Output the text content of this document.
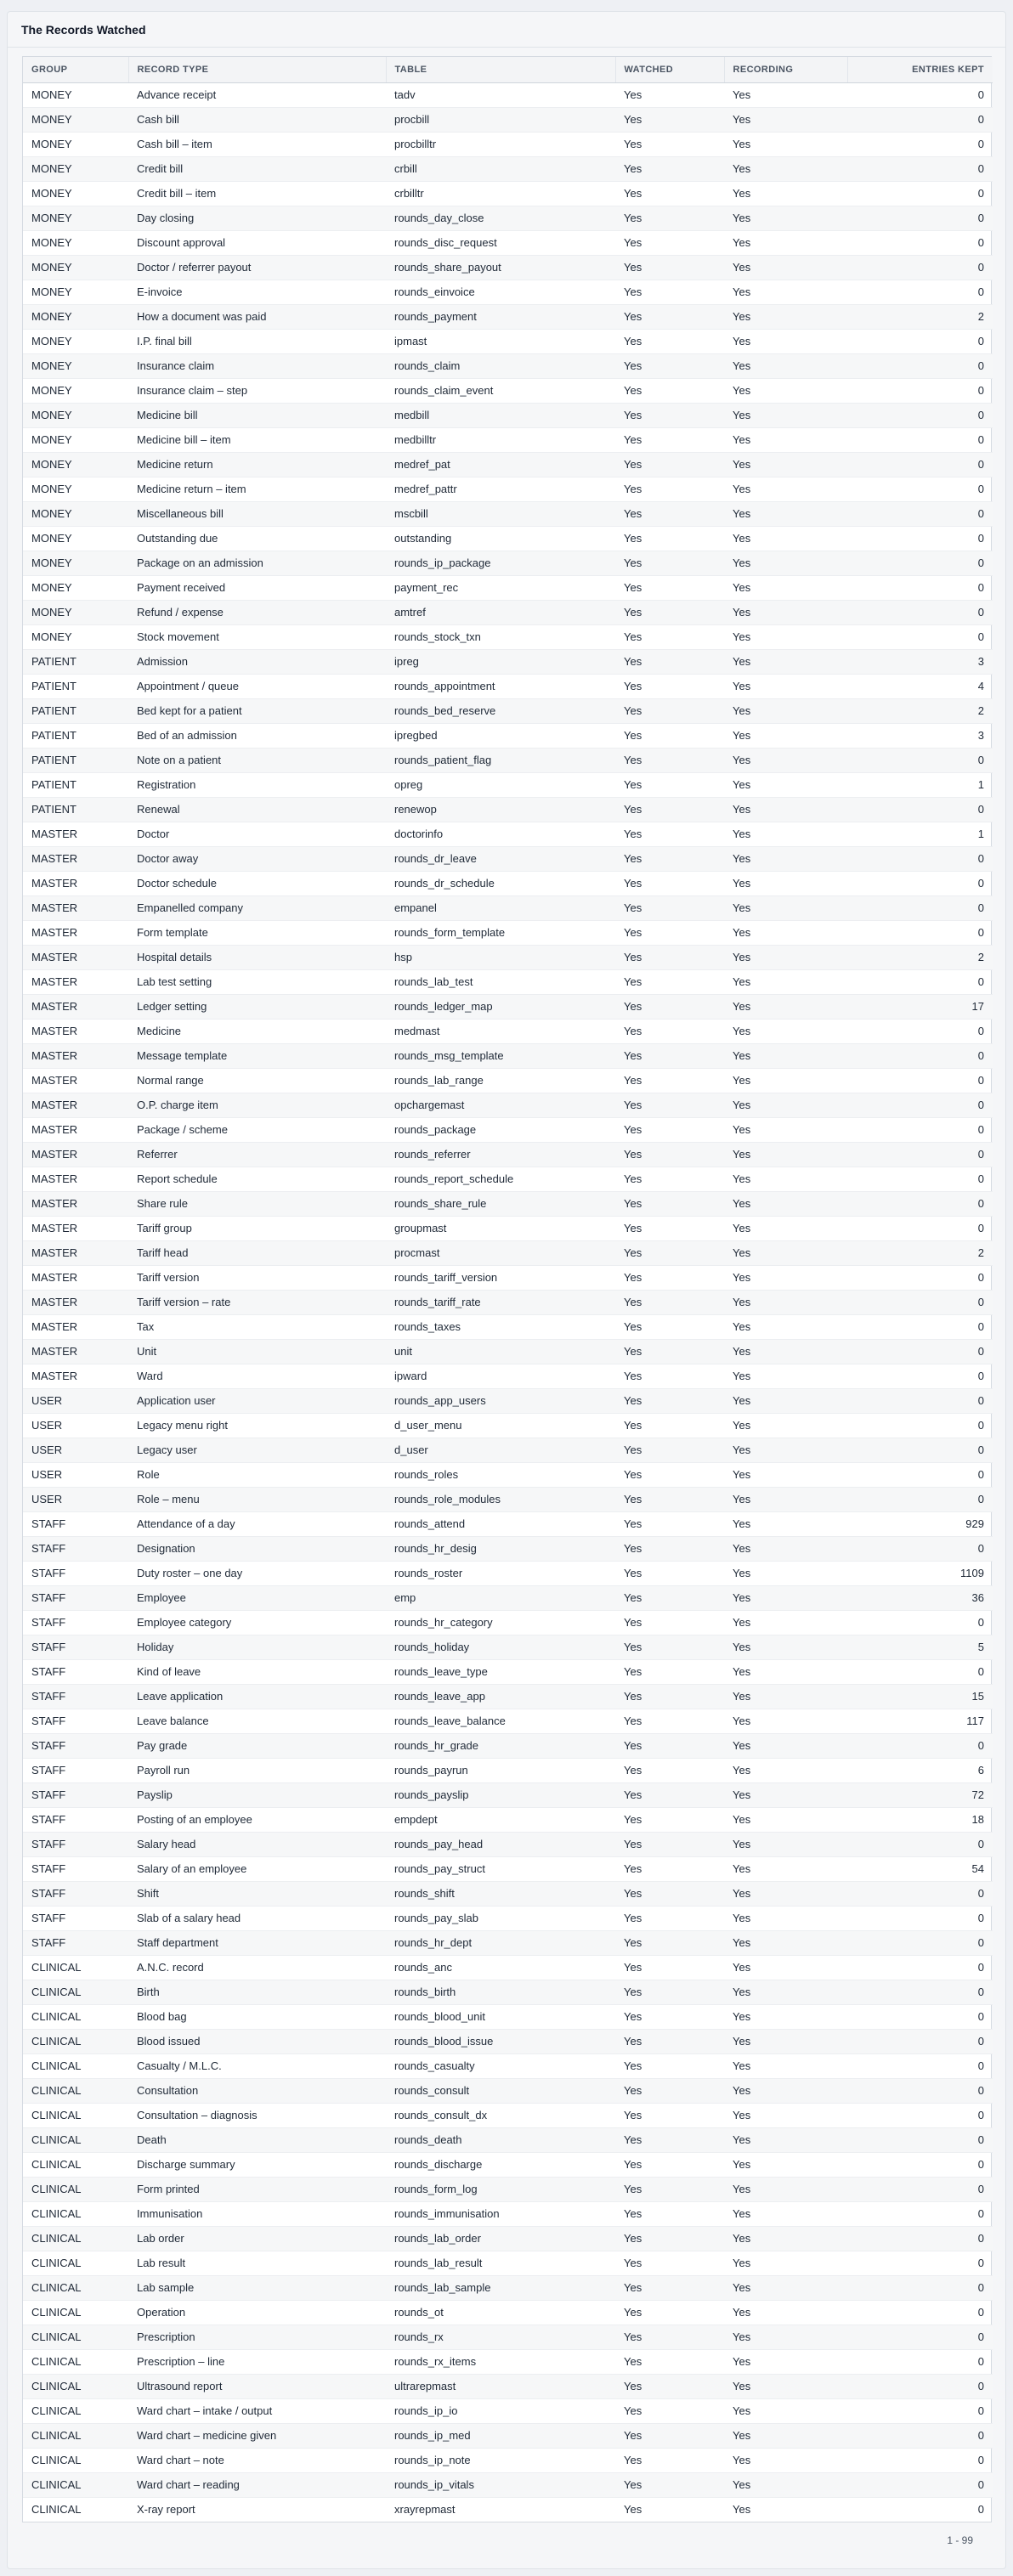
The Records Watched
GROUP	RECORD TYPE	TABLE	WATCHED	RECORDING	ENTRIES KEPT
MONEY	Advance receipt	tadv	Yes	Yes	0
MONEY	Cash bill	procbill	Yes	Yes	0
MONEY	Cash bill – item	procbilltr	Yes	Yes	0
MONEY	Credit bill	crbill	Yes	Yes	0
MONEY	Credit bill – item	crbilltr	Yes	Yes	0
MONEY	Day closing	rounds_day_close	Yes	Yes	0
MONEY	Discount approval	rounds_disc_request	Yes	Yes	0
MONEY	Doctor / referrer payout	rounds_share_payout	Yes	Yes	0
MONEY	E-invoice	rounds_einvoice	Yes	Yes	0
MONEY	How a document was paid	rounds_payment	Yes	Yes	2
MONEY	I.P. final bill	ipmast	Yes	Yes	0
MONEY	Insurance claim	rounds_claim	Yes	Yes	0
MONEY	Insurance claim – step	rounds_claim_event	Yes	Yes	0
MONEY	Medicine bill	medbill	Yes	Yes	0
MONEY	Medicine bill – item	medbilltr	Yes	Yes	0
MONEY	Medicine return	medref_pat	Yes	Yes	0
MONEY	Medicine return – item	medref_pattr	Yes	Yes	0
MONEY	Miscellaneous bill	mscbill	Yes	Yes	0
MONEY	Outstanding due	outstanding	Yes	Yes	0
MONEY	Package on an admission	rounds_ip_package	Yes	Yes	0
MONEY	Payment received	payment_rec	Yes	Yes	0
MONEY	Refund / expense	amtref	Yes	Yes	0
MONEY	Stock movement	rounds_stock_txn	Yes	Yes	0
PATIENT	Admission	ipreg	Yes	Yes	3
PATIENT	Appointment / queue	rounds_appointment	Yes	Yes	4
PATIENT	Bed kept for a patient	rounds_bed_reserve	Yes	Yes	2
PATIENT	Bed of an admission	ipregbed	Yes	Yes	3
PATIENT	Note on a patient	rounds_patient_flag	Yes	Yes	0
PATIENT	Registration	opreg	Yes	Yes	1
PATIENT	Renewal	renewop	Yes	Yes	0
MASTER	Doctor	doctorinfo	Yes	Yes	1
MASTER	Doctor away	rounds_dr_leave	Yes	Yes	0
MASTER	Doctor schedule	rounds_dr_schedule	Yes	Yes	0
MASTER	Empanelled company	empanel	Yes	Yes	0
MASTER	Form template	rounds_form_template	Yes	Yes	0
MASTER	Hospital details	hsp	Yes	Yes	2
MASTER	Lab test setting	rounds_lab_test	Yes	Yes	0
MASTER	Ledger setting	rounds_ledger_map	Yes	Yes	17
MASTER	Medicine	medmast	Yes	Yes	0
MASTER	Message template	rounds_msg_template	Yes	Yes	0
MASTER	Normal range	rounds_lab_range	Yes	Yes	0
MASTER	O.P. charge item	opchargemast	Yes	Yes	0
MASTER	Package / scheme	rounds_package	Yes	Yes	0
MASTER	Referrer	rounds_referrer	Yes	Yes	0
MASTER	Report schedule	rounds_report_schedule	Yes	Yes	0
MASTER	Share rule	rounds_share_rule	Yes	Yes	0
MASTER	Tariff group	groupmast	Yes	Yes	0
MASTER	Tariff head	procmast	Yes	Yes	2
MASTER	Tariff version	rounds_tariff_version	Yes	Yes	0
MASTER	Tariff version – rate	rounds_tariff_rate	Yes	Yes	0
MASTER	Tax	rounds_taxes	Yes	Yes	0
MASTER	Unit	unit	Yes	Yes	0
MASTER	Ward	ipward	Yes	Yes	0
USER	Application user	rounds_app_users	Yes	Yes	0
USER	Legacy menu right	d_user_menu	Yes	Yes	0
USER	Legacy user	d_user	Yes	Yes	0
USER	Role	rounds_roles	Yes	Yes	0
USER	Role – menu	rounds_role_modules	Yes	Yes	0
STAFF	Attendance of a day	rounds_attend	Yes	Yes	929
STAFF	Designation	rounds_hr_desig	Yes	Yes	0
STAFF	Duty roster – one day	rounds_roster	Yes	Yes	1109
STAFF	Employee	emp	Yes	Yes	36
STAFF	Employee category	rounds_hr_category	Yes	Yes	0
STAFF	Holiday	rounds_holiday	Yes	Yes	5
STAFF	Kind of leave	rounds_leave_type	Yes	Yes	0
STAFF	Leave application	rounds_leave_app	Yes	Yes	15
STAFF	Leave balance	rounds_leave_balance	Yes	Yes	117
STAFF	Pay grade	rounds_hr_grade	Yes	Yes	0
STAFF	Payroll run	rounds_payrun	Yes	Yes	6
STAFF	Payslip	rounds_payslip	Yes	Yes	72
STAFF	Posting of an employee	empdept	Yes	Yes	18
STAFF	Salary head	rounds_pay_head	Yes	Yes	0
STAFF	Salary of an employee	rounds_pay_struct	Yes	Yes	54
STAFF	Shift	rounds_shift	Yes	Yes	0
STAFF	Slab of a salary head	rounds_pay_slab	Yes	Yes	0
STAFF	Staff department	rounds_hr_dept	Yes	Yes	0
CLINICAL	A.N.C. record	rounds_anc	Yes	Yes	0
CLINICAL	Birth	rounds_birth	Yes	Yes	0
CLINICAL	Blood bag	rounds_blood_unit	Yes	Yes	0
CLINICAL	Blood issued	rounds_blood_issue	Yes	Yes	0
CLINICAL	Casualty / M.L.C.	rounds_casualty	Yes	Yes	0
CLINICAL	Consultation	rounds_consult	Yes	Yes	0
CLINICAL	Consultation – diagnosis	rounds_consult_dx	Yes	Yes	0
CLINICAL	Death	rounds_death	Yes	Yes	0
CLINICAL	Discharge summary	rounds_discharge	Yes	Yes	0
CLINICAL	Form printed	rounds_form_log	Yes	Yes	0
CLINICAL	Immunisation	rounds_immunisation	Yes	Yes	0
CLINICAL	Lab order	rounds_lab_order	Yes	Yes	0
CLINICAL	Lab result	rounds_lab_result	Yes	Yes	0
CLINICAL	Lab sample	rounds_lab_sample	Yes	Yes	0
CLINICAL	Operation	rounds_ot	Yes	Yes	0
CLINICAL	Prescription	rounds_rx	Yes	Yes	0
CLINICAL	Prescription – line	rounds_rx_items	Yes	Yes	0
CLINICAL	Ultrasound report	ultrarepmast	Yes	Yes	0
CLINICAL	Ward chart – intake / output	rounds_ip_io	Yes	Yes	0
CLINICAL	Ward chart – medicine given	rounds_ip_med	Yes	Yes	0
CLINICAL	Ward chart – note	rounds_ip_note	Yes	Yes	0
CLINICAL	Ward chart – reading	rounds_ip_vitals	Yes	Yes	0
CLINICAL	X-ray report	xrayrepmast	Yes	Yes	0
1 - 99
